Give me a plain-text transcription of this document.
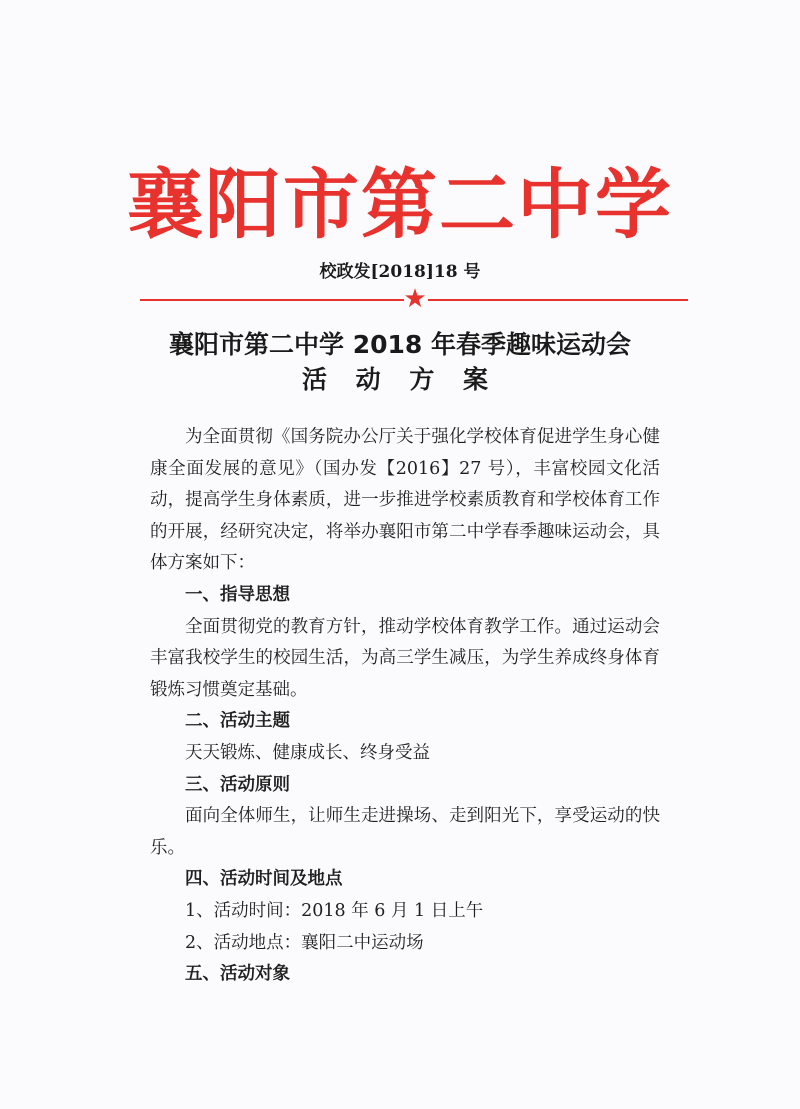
襄阳市第二中学
校政发[2018]18 号
★
襄阳市第二中学 2018 年春季趣味运动会
活 动 方 案

为全面贯彻《国务院办公厅关于强化学校体育促进学生身心健康全面发展的意见》（国办发【2016】27 号），丰富校园文化活动，提高学生身体素质，进一步推进学校素质教育和学校体育工作的开展，经研究决定，将举办襄阳市第二中学春季趣味运动会，具体方案如下：

一、指导思想

全面贯彻党的教育方针，推动学校体育教学工作。通过运动会丰富我校学生的校园生活，为高三学生减压，为学生养成终身体育锻炼习惯奠定基础。

二、活动主题

天天锻炼、健康成长、终身受益

三、活动原则

面向全体师生，让师生走进操场、走到阳光下，享受运动的快乐。

四、活动时间及地点

1、活动时间：2018 年 6 月 1 日上午

2、活动地点：襄阳二中运动场

五、活动对象
